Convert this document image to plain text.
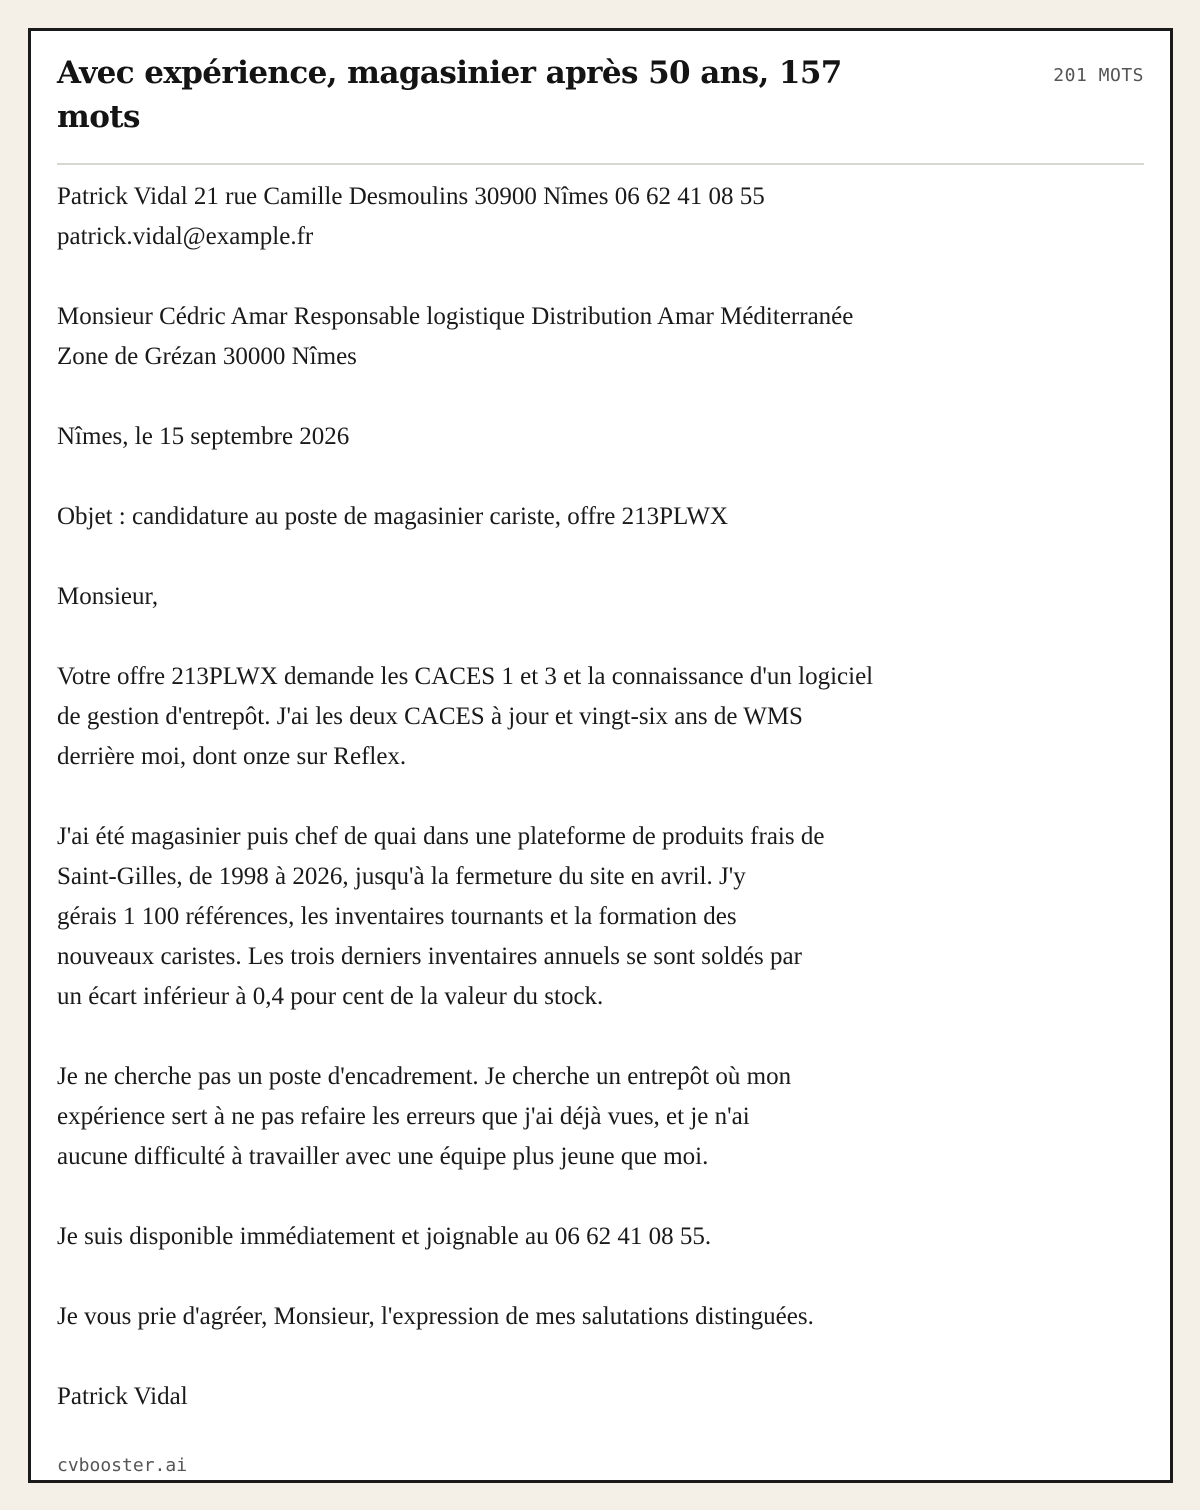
Avec expérience, magasinier après 50 ans, 157 mots
201 MOTS

Patrick Vidal 21 rue Camille Desmoulins 30900 Nîmes 06 62 41 08 55
patrick.vidal@example.fr

Monsieur Cédric Amar Responsable logistique Distribution Amar Méditerranée
Zone de Grézan 30000 Nîmes

Nîmes, le 15 septembre 2026

Objet : candidature au poste de magasinier cariste, offre 213PLWX

Monsieur,

Votre offre 213PLWX demande les CACES 1 et 3 et la connaissance d'un logiciel
de gestion d'entrepôt. J'ai les deux CACES à jour et vingt-six ans de WMS
derrière moi, dont onze sur Reflex.

J'ai été magasinier puis chef de quai dans une plateforme de produits frais de
Saint-Gilles, de 1998 à 2026, jusqu'à la fermeture du site en avril. J'y
gérais 1 100 références, les inventaires tournants et la formation des
nouveaux caristes. Les trois derniers inventaires annuels se sont soldés par
un écart inférieur à 0,4 pour cent de la valeur du stock.

Je ne cherche pas un poste d'encadrement. Je cherche un entrepôt où mon
expérience sert à ne pas refaire les erreurs que j'ai déjà vues, et je n'ai
aucune difficulté à travailler avec une équipe plus jeune que moi.

Je suis disponible immédiatement et joignable au 06 62 41 08 55.

Je vous prie d'agréer, Monsieur, l'expression de mes salutations distinguées.

Patrick Vidal

cvbooster.ai
